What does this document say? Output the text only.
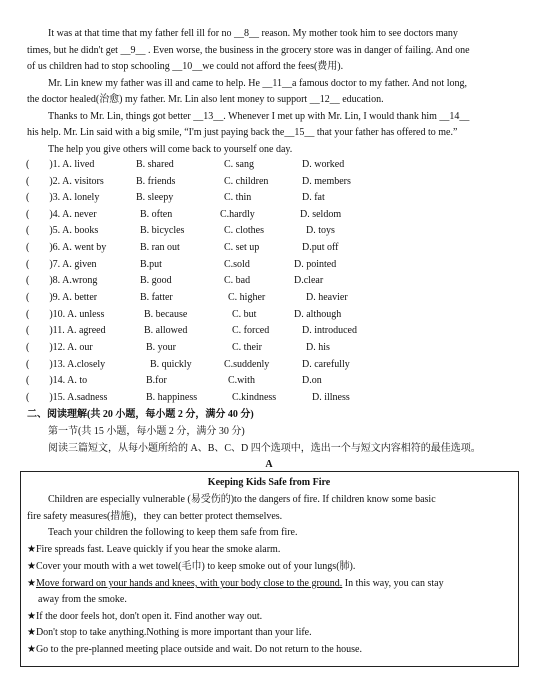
It was at that time that my father fell ill for no __8__ reason. My mother took him to see doctors many
times, but he didn't get __9__ . Even worse, the business in the grocery store was in danger of failing. And one
of us children had to stop schooling __10__we could not afford the fees(费用).
Mr. Lin knew my father was ill and came to help. He __11__a famous doctor to my father. And not long,
the doctor healed(治愈) my father. Mr. Lin also lent money to support __12__ education.
Thanks to Mr. Lin, things got better __13__. Whenever I met up with Mr. Lin, I would thank him __14__
his help. Mr. Lin said with a big smile, “I'm just paying back the__15__ that your father has offered to me.”
The help you give others will come back to yourself one day.
(　　)1. A. lived	B. shared	C. sang	D. worked
(　　)2. A. visitors	B. friends	C. children	D. members
(　　)3. A. lonely	B. sleepy	C. thin	D. fat
(　　)4. A. never	B. often	C.hardly	D. seldom
(　　)5. A. books	B. bicycles	C. clothes	D. toys
(　　)6. A. went by	B. ran out	C. set up	D.put off
(　　)7. A. given	B.put	C.sold	D. pointed
(　　)8. A.wrong	B. good	C. bad	D.clear
(　　)9. A. better	B. fatter	C. higher	D. heavier
(　　)10. A. unless	B. because	C. but	D. although
(　　)11. A. agreed	B. allowed	C. forced	D. introduced
(　　)12. A. our	B. your	C. their	D. his
(　　)13. A.closely	B. quickly	C.suddenly	D. carefully
(　　)14. A. to	B.for	C.with	D.on
(　　)15. A.sadness	B. happiness	C.kindness	D. illness
二、阅读理解(共 20 小题，每小题 2 分，满分 40 分)
第一节(共 15 小题，每小题 2 分，满分 30 分)
阅读三篇短文，从每小题所给的 A、B、C、D 四个选项中，选出一个与短文内容相符的最佳选项。
A
Keeping Kids Safe from Fire
Children are especially vulnerable (易受伤的)to the dangers of fire. If children know some basic
fire safety measures(措施)，they can better protect themselves.
Teach your children the following to keep them safe from fire.
★Fire spreads fast. Leave quickly if you hear the smoke alarm.
★Cover your mouth with a wet towel(毛巾) to keep smoke out of your lungs(肺).
★Move forward on your hands and knees, with your body close to the ground. In this way, you can stay
away from the smoke.
★If the door feels hot, don't open it. Find another way out.
★Don't stop to take anything.Nothing is more important than your life.
★Go to the pre-planned meeting place outside and wait. Do not return to the house.
